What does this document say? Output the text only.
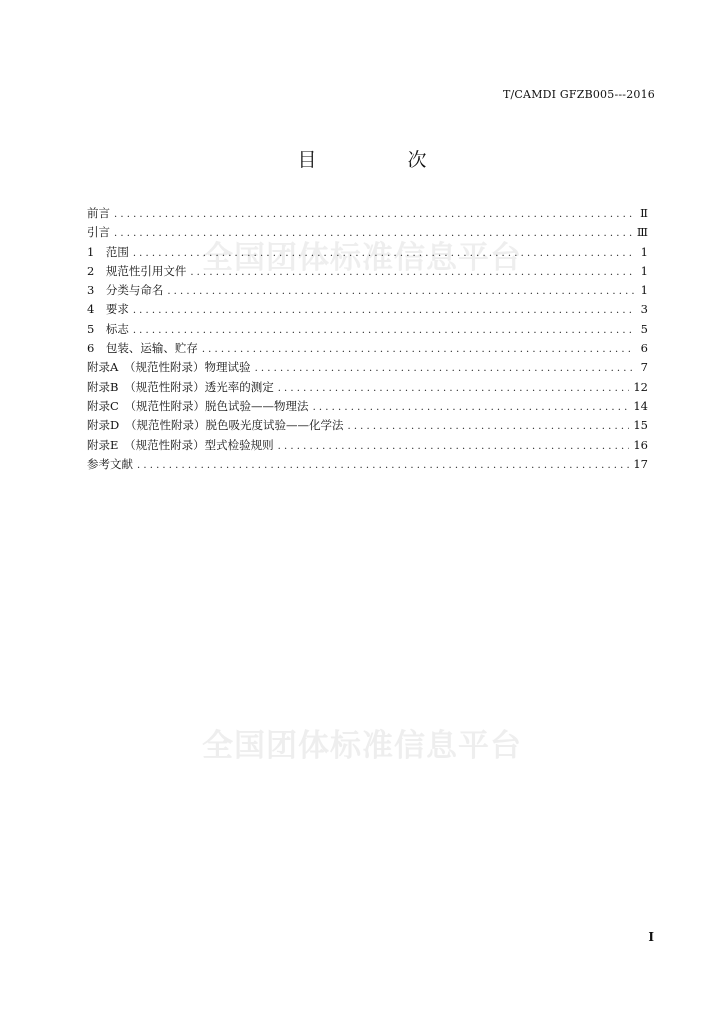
T/CAMDI GFZB005---2016
目　次
全国团体标准信息平台
全国团体标准信息平台
前言 . . .	Ⅱ
引言 . . .	Ⅲ
1　范围 . . .	1
2　规范性引用文件 . . .	1
3　分类与命名 . . .	1
4　要求 . . .	3
5　标志 . . .	5
6　包装、运输、贮存 . . .	6
附录A　（规范性附录）物理试验 . . .	7
附录B　（规范性附录）透光率的测定 . . .	12
附录C　（规范性附录）脱色试验——物理法 . . .	14
附录D　（规范性附录）脱色吸光度试验——化学法 . . .	15
附录E　（规范性附录）型式检验规则 . . .	16
参考文献 . . .	17
I
